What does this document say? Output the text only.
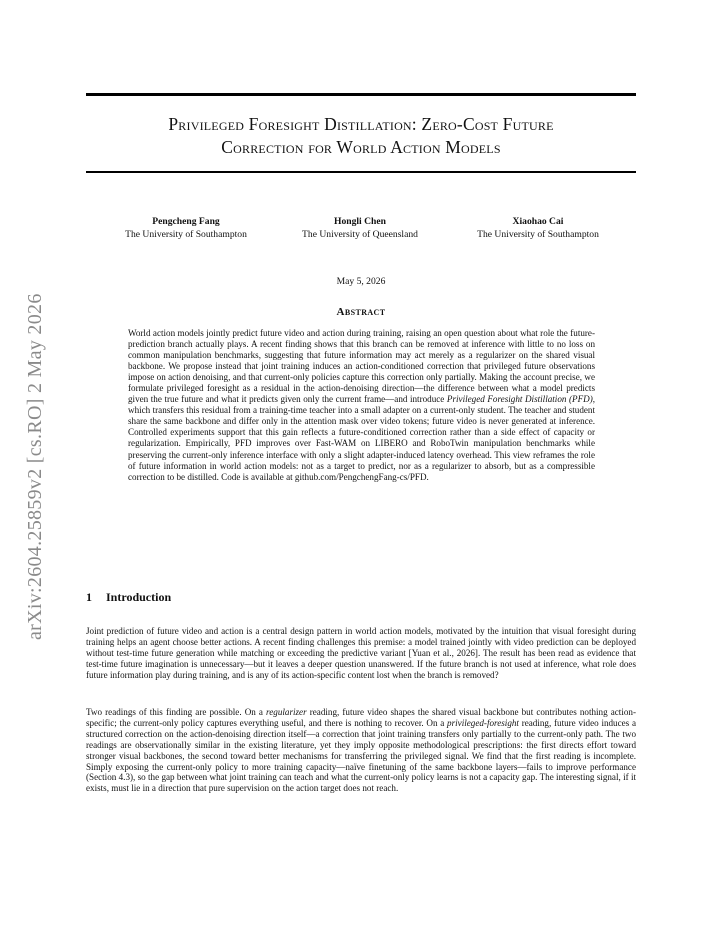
arXiv:2604.25859v2 [cs.RO] 2 May 2026
Privileged Foresight Distillation: Zero-Cost Future
Correction for World Action Models
Pengcheng Fang
The University of Southampton
Hongli Chen
The University of Queensland
Xiaohao Cai
The University of Southampton
May 5, 2026
Abstract

World action models jointly predict future video and action during training, raising an open question about what role the future-prediction branch actually plays. A recent finding shows that this branch can be removed at inference with little to no loss on common manipulation benchmarks, suggesting that future information may act merely as a regularizer on the shared visual backbone. We propose instead that joint training induces an action-conditioned correction that privileged future observations impose on action denoising, and that current-only policies capture this correction only partially. Making the account precise, we formulate privileged foresight as a residual in the action-denoising direction—the difference between what a model predicts given the true future and what it predicts given only the current frame—and introduce Privileged Foresight Distillation (PFD), which transfers this residual from a training-time teacher into a small adapter on a current-only student. The teacher and student share the same backbone and differ only in the attention mask over video tokens; future video is never generated at inference. Controlled experiments support that this gain reflects a future-conditioned correction rather than a side effect of capacity or regularization. Empirically, PFD improves over Fast-WAM on LIBERO and RoboTwin manipulation benchmarks while preserving the current-only inference interface with only a slight adapter-induced latency overhead. This view reframes the role of future information in world action models: not as a target to predict, nor as a regularizer to absorb, but as a compressible correction to be distilled. Code is available at github.com/PengchengFang-cs/PFD.

1 Introduction

Joint prediction of future video and action is a central design pattern in world action models, motivated by the intuition that visual foresight during training helps an agent choose better actions. A recent finding challenges this premise: a model trained jointly with video prediction can be deployed without test-time future generation while matching or exceeding the predictive variant [Yuan et al., 2026]. The result has been read as evidence that test-time future imagination is unnecessary—but it leaves a deeper question unanswered. If the future branch is not used at inference, what role does future information play during training, and is any of its action-specific content lost when the branch is removed?

Two readings of this finding are possible. On a regularizer reading, future video shapes the shared visual backbone but contributes nothing action-specific; the current-only policy captures everything useful, and there is nothing to recover. On a privileged-foresight reading, future video induces a structured correction on the action-denoising direction itself—a correction that joint training transfers only partially to the current-only path. The two readings are observationally similar in the existing literature, yet they imply opposite methodological prescriptions: the first directs effort toward stronger visual backbones, the second toward better mechanisms for transferring the privileged signal. We find that the first reading is incomplete. Simply exposing the current-only policy to more training capacity—naïve finetuning of the same backbone layers—fails to improve performance (Section 4.3), so the gap between what joint training can teach and what the current-only policy learns is not a capacity gap. The interesting signal, if it exists, must lie in a direction that pure supervision on the action target does not reach.
